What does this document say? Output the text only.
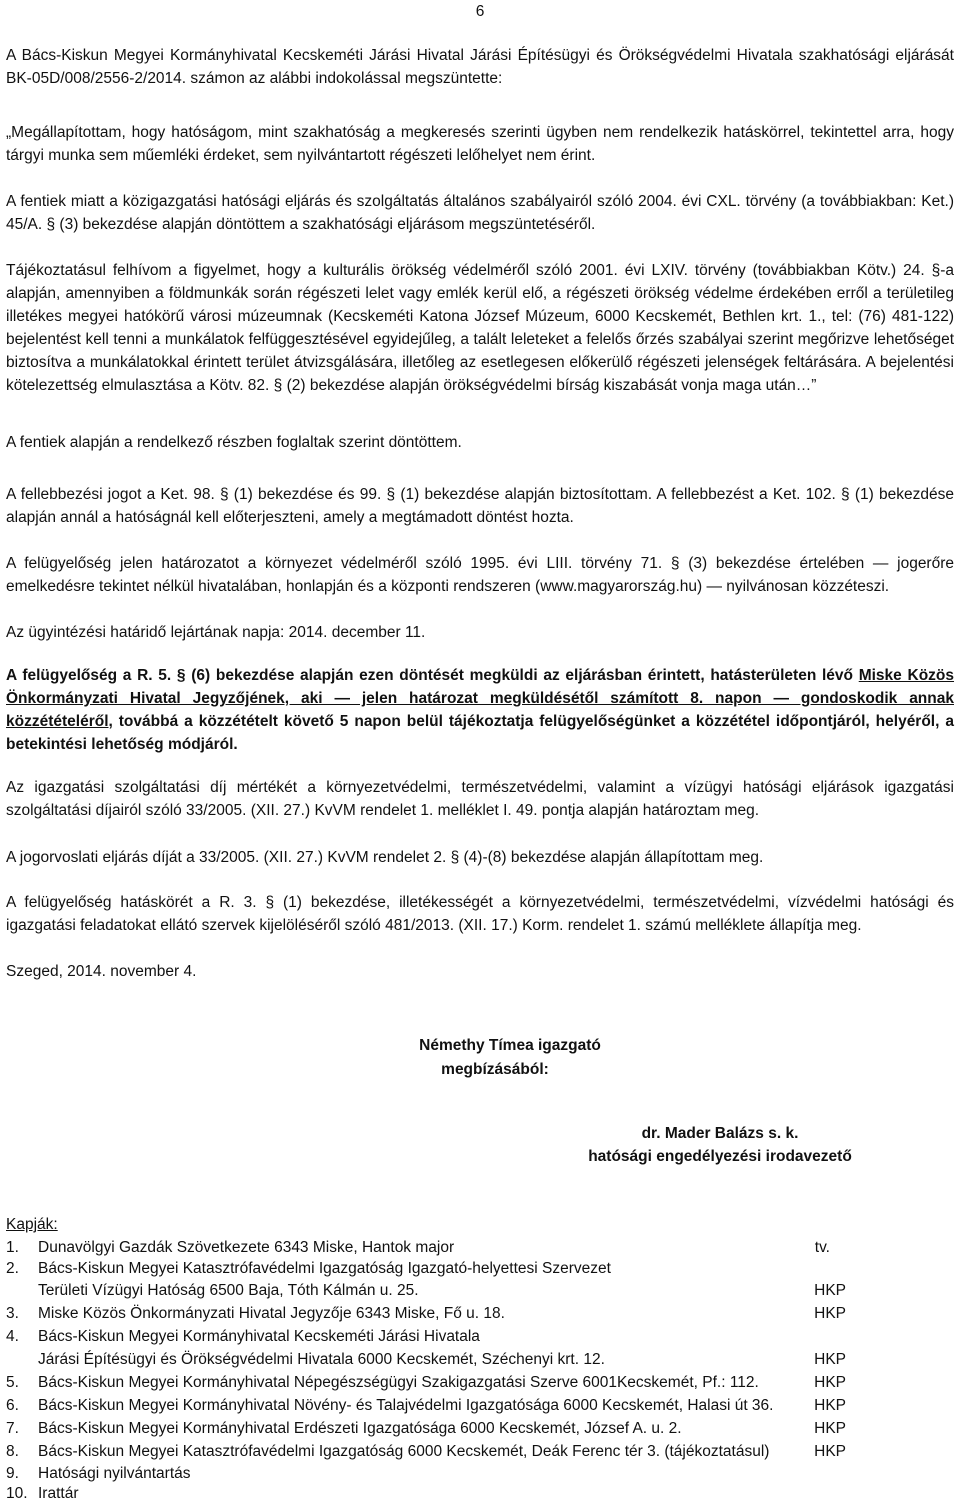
6

A Bács-Kiskun Megyei Kormányhivatal Kecskeméti Járási Hivatal Járási Építésügyi és Örökségvédelmi Hivatala szakhatósági eljárását BK-05D/008/2556-2/2014. számon az alábbi indokolással megszüntette:

„Megállapítottam, hogy hatóságom, mint szakhatóság a megkeresés szerinti ügyben nem rendelkezik hatáskörrel, tekintettel arra, hogy tárgyi munka sem műemléki érdeket, sem nyilvántartott régészeti lelőhelyet nem érint.

A fentiek miatt a közigazgatási hatósági eljárás és szolgáltatás általános szabályairól szóló 2004. évi CXL. törvény (a továbbiakban: Ket.) 45/A. § (3) bekezdése alapján döntöttem a szakhatósági eljárásom megszüntetéséről.

Tájékoztatásul felhívom a figyelmet, hogy a kulturális örökség védelméről szóló 2001. évi LXIV. törvény (továbbiakban Kötv.) 24. §-a alapján, amennyiben a földmunkák során régészeti lelet vagy emlék kerül elő, a régészeti örökség védelme érdekében erről a területileg illetékes megyei hatókörű városi múzeumnak (Kecskeméti Katona József Múzeum, 6000 Kecskemét, Bethlen krt. 1., tel: (76) 481-122) bejelentést kell tenni a munkálatok felfüggesztésével egyidejűleg, a talált leleteket a felelős őrzés szabályai szerint megőrizve lehetőséget biztosítva a munkálatokkal érintett terület átvizsgálására, illetőleg az esetlegesen előkerülő régészeti jelenségek feltárására. A bejelentési kötelezettség elmulasztása a Kötv. 82. § (2) bekezdése alapján örökségvédelmi bírság kiszabását vonja maga után…”

A fentiek alapján a rendelkező részben foglaltak szerint döntöttem.

A fellebbezési jogot a Ket. 98. § (1) bekezdése és 99. § (1) bekezdése alapján biztosítottam. A fellebbezést a Ket. 102. § (1) bekezdése alapján annál a hatóságnál kell előterjeszteni, amely a megtámadott döntést hozta.

A felügyelőség jelen határozatot a környezet védelméről szóló 1995. évi LIII. törvény 71. § (3) bekezdése értelében — jogerőre emelkedésre tekintet nélkül hivatalában, honlapján és a központi rendszeren (www.magyarország.hu) — nyilvánosan közzéteszi.

Az ügyintézési határidő lejártának napja: 2014. december 11.

A felügyelőség a R. 5. § (6) bekezdése alapján ezen döntését megküldi az eljárásban érintett, hatásterületen lévő Miske Közös Önkormányzati Hivatal Jegyzőjének, aki — jelen határozat megküldésétől számított 8. napon — gondoskodik annak közzétételéről, továbbá a közzétételt követő 5 napon belül tájékoztatja felügyelőségünket a közzététel időpontjáról, helyéről, a betekintési lehetőség módjáról.

Az igazgatási szolgáltatási díj mértékét a környezetvédelmi, természetvédelmi, valamint a vízügyi hatósági eljárások igazgatási szolgáltatási díjairól szóló 33/2005. (XII. 27.) KvVM rendelet 1. melléklet I. 49. pontja alapján határoztam meg.

A jogorvoslati eljárás díját a 33/2005. (XII. 27.) KvVM rendelet 2. § (4)-(8) bekezdése alapján állapítottam meg.

A felügyelőség hatáskörét a R. 3. § (1) bekezdése, illetékességét a környezetvédelmi, természetvédelmi, vízvédelmi hatósági és igazgatási feladatokat ellátó szervek kijelöléséről szóló 481/2013. (XII. 17.) Korm. rendelet 1. számú melléklete állapítja meg.

Szeged, 2014. november 4.

Némethy Tímea igazgató

megbízásából:

dr. Mader Balázs s. k.

hatósági engedélyezési irodavezető

Kapják:

1. Dunavölgyi Gazdák Szövetkezete 6343 Miske, Hantok major	tv.
2. Bács-Kiskun Megyei Katasztrófavédelmi Igazgatóság Igazgató-helyettesi Szervezet
Területi Vízügyi Hatóság 6500 Baja, Tóth Kálmán u. 25.	HKP
3. Miske Közös Önkormányzati Hivatal Jegyzője 6343 Miske, Fő u. 18.	HKP
4. Bács-Kiskun Megyei Kormányhivatal Kecskeméti Járási Hivatala
Járási Építésügyi és Örökségvédelmi Hivatala 6000 Kecskemét, Széchenyi krt. 12.	HKP
5. Bács-Kiskun Megyei Kormányhivatal Népegészségügyi Szakigazgatási Szerve 6001Kecskemét, Pf.: 112.	HKP
6. Bács-Kiskun Megyei Kormányhivatal Növény- és Talajvédelmi Igazgatósága 6000 Kecskemét, Halasi út 36.	HKP
7. Bács-Kiskun Megyei Kormányhivatal Erdészeti Igazgatósága 6000 Kecskemét, József A. u. 2.	HKP
8. Bács-Kiskun Megyei Katasztrófavédelmi Igazgatóság 6000 Kecskemét, Deák Ferenc tér 3. (tájékoztatásul)	HKP
9. Hatósági nyilvántartás
10. Irattár
